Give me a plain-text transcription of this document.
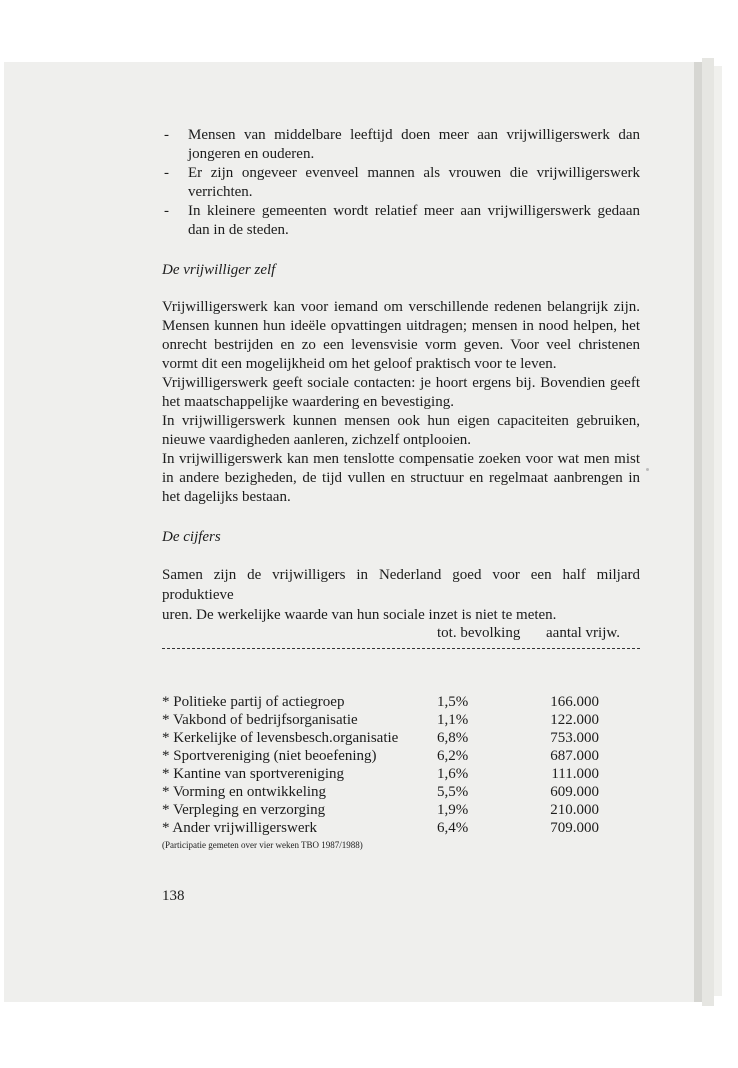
- Mensen van middelbare leeftijd doen meer aan vrijwilligerswerk dan jongeren en ouderen.
- Er zijn ongeveer evenveel mannen als vrouwen die vrijwilligerswerk verrichten.
- In kleinere gemeenten wordt relatief meer aan vrijwilligerswerk gedaan dan in de steden.

De vrijwilliger zelf

Vrijwilligerswerk kan voor iemand om verschillende redenen belangrijk zijn. Mensen kunnen hun ideële opvattingen uitdragen; mensen in nood helpen, het onrecht bestrijden en zo een levensvisie vorm geven. Voor veel christenen vormt dit een mogelijkheid om het geloof praktisch voor te leven.

Vrijwilligerswerk geeft sociale contacten: je hoort ergens bij. Bovendien geeft het maatschappelijke waardering en bevestiging.

In vrijwilligerswerk kunnen mensen ook hun eigen capaciteiten gebruiken, nieuwe vaardigheden aanleren, zichzelf ontplooien.

In vrijwilligerswerk kan men tenslotte compensatie zoeken voor wat men mist in andere bezigheden, de tijd vullen en structuur en regelmaat aanbrengen in het dagelijks bestaan.

De cijfers

Samen zijn de vrijwilligers in Nederland goed voor een half miljard produktieve

uren. De werkelijke waarde van hun sociale inzet is niet te meten.

tot. bevolking aantal vrijw.
* Politieke partij of actiegroep	1,5%	166.000	
* Vakbond of bedrijfsorganisatie	1,1%	122.000	
* Kerkelijke of levensbesch.organisatie	6,8%	753.000	
* Sportvereniging (niet beoefening)	6,2%	687.000	
* Kantine van sportvereniging	1,6%	111.000	
* Vorming en ontwikkeling	5,5%	609.000	
* Verpleging en verzorging	1,9%	210.000	
* Ander vrijwilligerswerk	6,4%	709.000	
(Participatie gemeten over vier weken TBO 1987/1988)
138
